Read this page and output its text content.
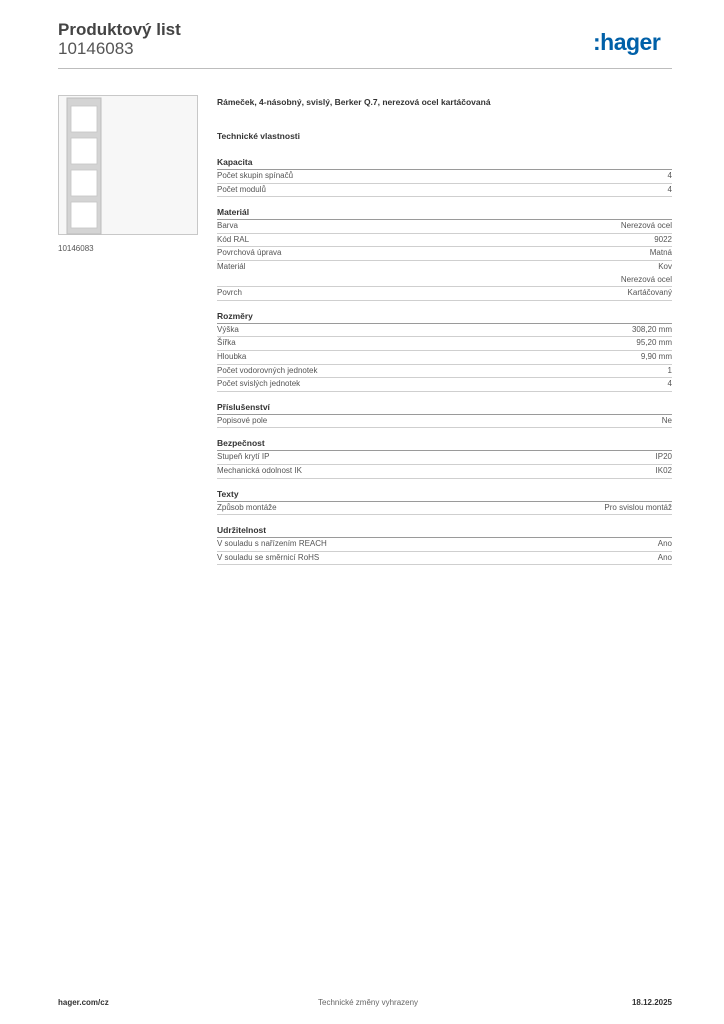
Produktový list
10146083	:hager
10146083
Rámeček, 4-násobný, svislý, Berker Q.7, nerezová ocel kartáčovaná
Technické vlastnosti
Kapacita
Počet skupin spínačů	4
Počet modulů	4
Materiál
Barva	Nerezová ocel
Kód RAL	9022
Povrchová úprava	Matná
Materiál	Kov
Nerezová ocel
Povrch	Kartáčovaný
Rozměry
Výška	308,20 mm
Šířka	95,20 mm
Hloubka	9,90 mm
Počet vodorovných jednotek	1
Počet svislých jednotek	4
Příslušenství
Popisové pole	Ne
Bezpečnost
Stupeň krytí IP	IP20
Mechanická odolnost IK	IK02
Texty
Způsob montáže	Pro svislou montáž
Udržitelnost
V souladu s nařízením REACH	Ano
V souladu se směrnicí RoHS	Ano
hager.com/cz	Technické změny vyhrazeny	18.12.2025
